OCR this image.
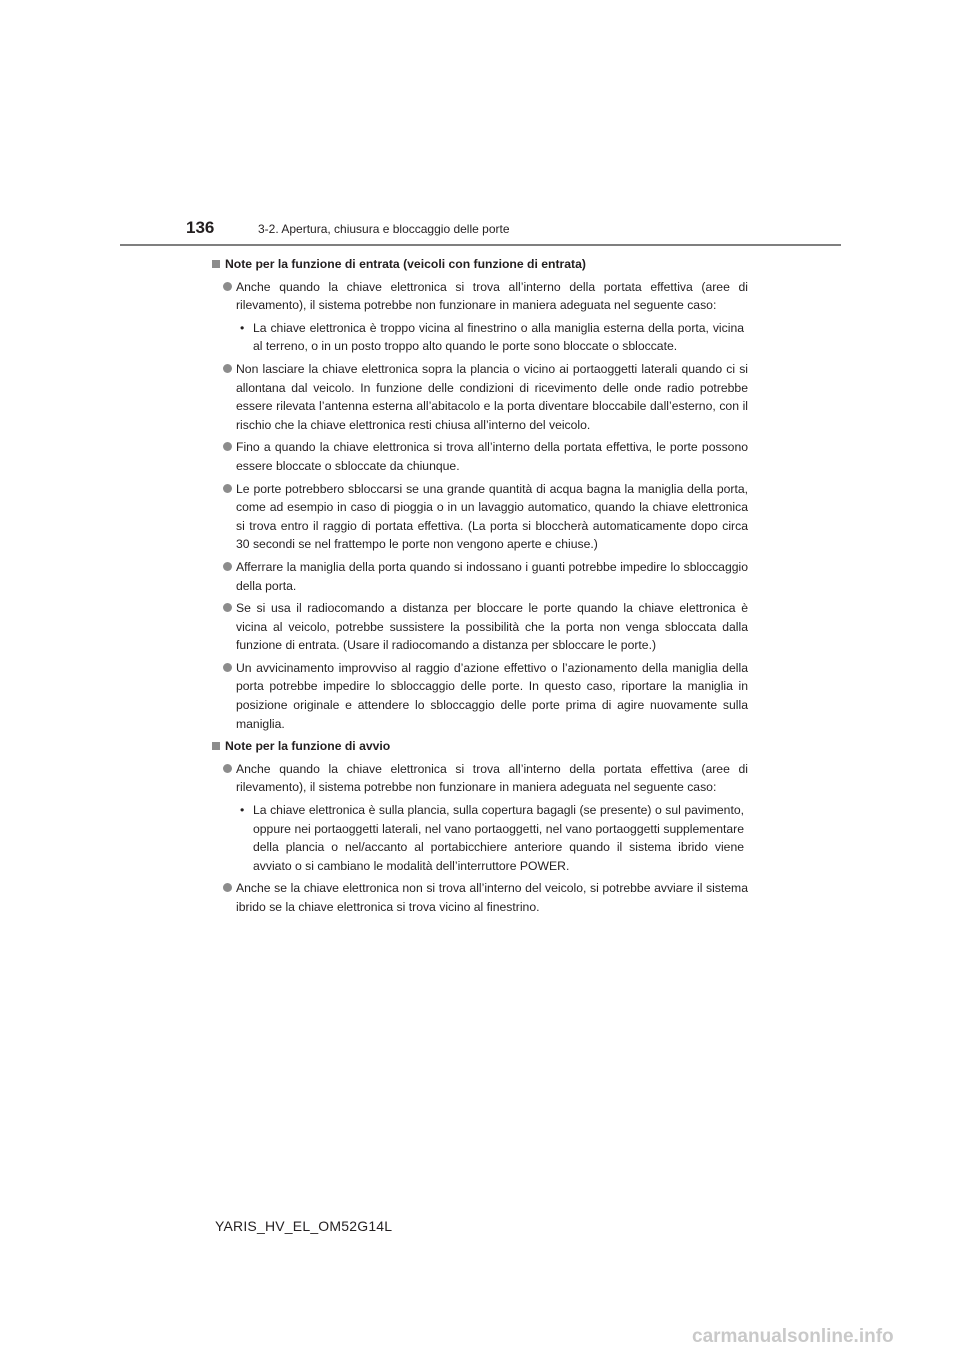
136	3-2. Apertura, chiusura e bloccaggio delle porte
Note per la funzione di entrata (veicoli con funzione di entrata)
Anche quando la chiave elettronica si trova all’interno della portata effettiva (aree di rilevamento), il sistema potrebbe non funzionare in maniera adeguata nel seguente caso:
• La chiave elettronica è troppo vicina al finestrino o alla maniglia esterna della porta, vicina al terreno, o in un posto troppo alto quando le porte sono bloccate o sbloccate.
Non lasciare la chiave elettronica sopra la plancia o vicino ai portaoggetti laterali quando ci si allontana dal veicolo. In funzione delle condizioni di ricevimento delle onde radio potrebbe essere rilevata l’antenna esterna all’abitacolo e la porta diventare bloccabile dall’esterno, con il rischio che la chiave elettronica resti chiusa all’interno del veicolo.
Fino a quando la chiave elettronica si trova all’interno della portata effettiva, le porte possono essere bloccate o sbloccate da chiunque.
Le porte potrebbero sbloccarsi se una grande quantità di acqua bagna la maniglia della porta, come ad esempio in caso di pioggia o in un lavaggio automatico, quando la chiave elettronica si trova entro il raggio di portata effettiva. (La porta si bloccherà automaticamente dopo circa 30 secondi se nel frattempo le porte non vengono aperte e chiuse.)
Afferrare la maniglia della porta quando si indossano i guanti potrebbe impedire lo sbloccaggio della porta.
Se si usa il radiocomando a distanza per bloccare le porte quando la chiave elettronica è vicina al veicolo, potrebbe sussistere la possibilità che la porta non venga sbloccata dalla funzione di entrata. (Usare il radiocomando a distanza per sbloccare le porte.)
Un avvicinamento improvviso al raggio d’azione effettivo o l’azionamento della maniglia della porta potrebbe impedire lo sbloccaggio delle porte. In questo caso, riportare la maniglia in posizione originale e attendere lo sbloccaggio delle porte prima di agire nuovamente sulla maniglia.
Note per la funzione di avvio
Anche quando la chiave elettronica si trova all’interno della portata effettiva (aree di rilevamento), il sistema potrebbe non funzionare in maniera adeguata nel seguente caso:
• La chiave elettronica è sulla plancia, sulla copertura bagagli (se presente) o sul pavimento, oppure nei portaoggetti laterali, nel vano portaoggetti, nel vano portaoggetti supplementare della plancia o nel/accanto al portabicchiere anteriore quando il sistema ibrido viene avviato o si cambiano le modalità dell’interruttore POWER.
Anche se la chiave elettronica non si trova all’interno del veicolo, si potrebbe avviare il sistema ibrido se la chiave elettronica si trova vicino al finestrino.
YARIS_HV_EL_OM52G14L
carmanualsonline.info
